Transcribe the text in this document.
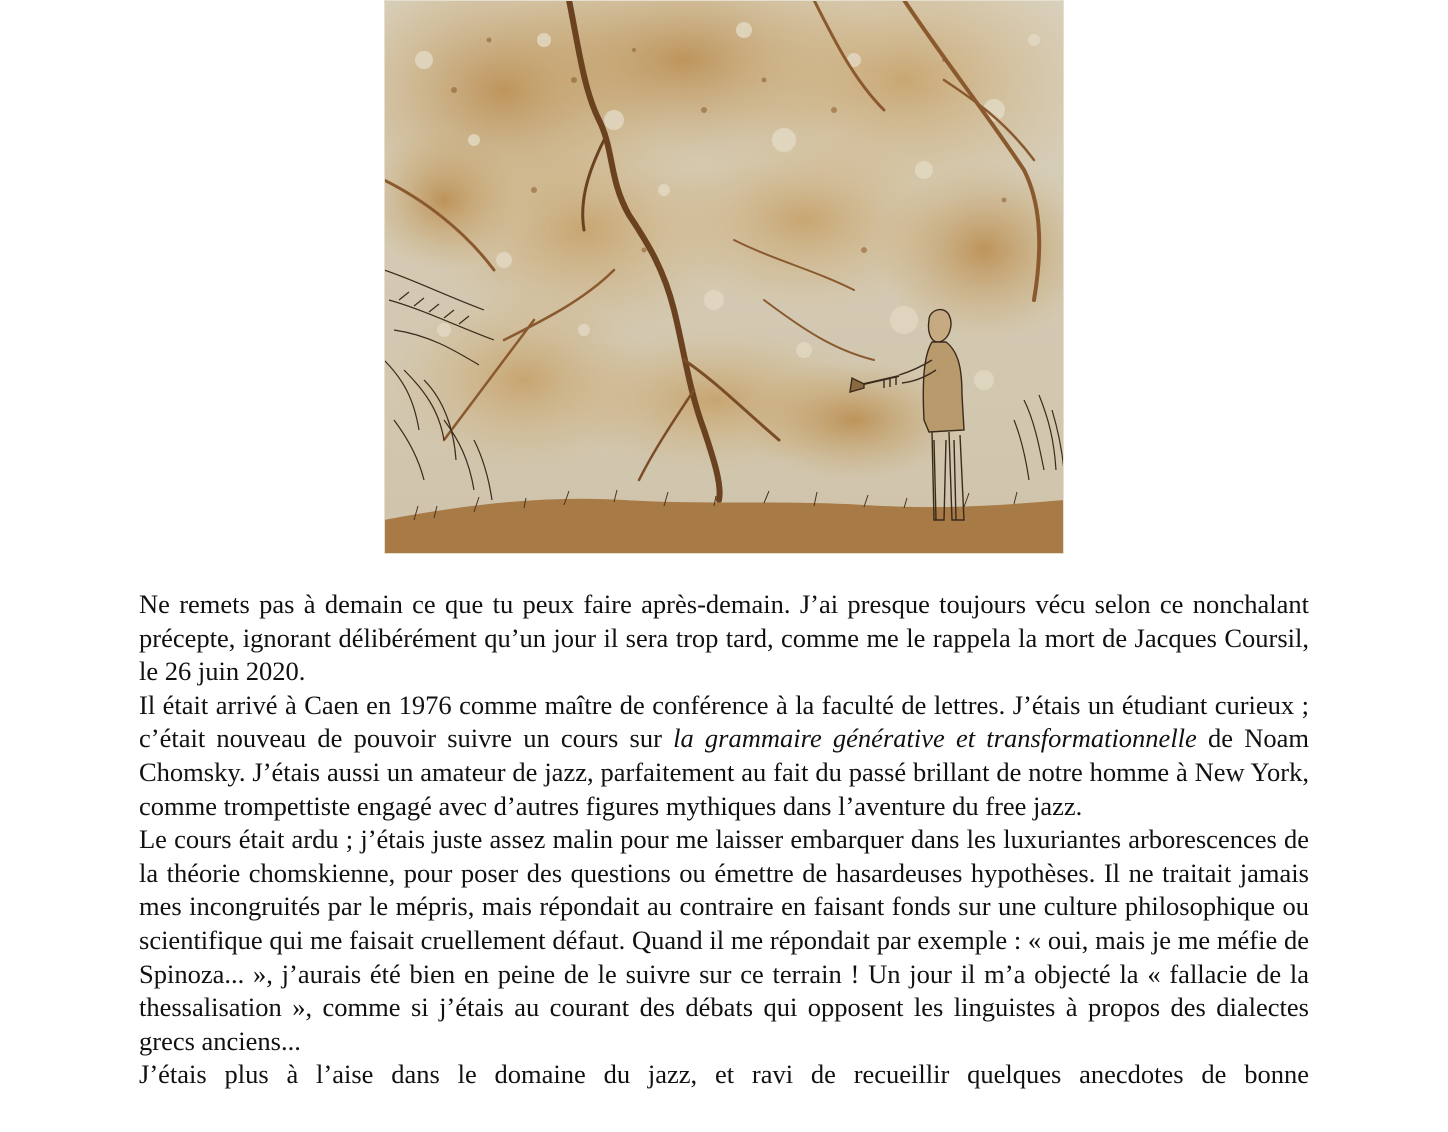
Ne remets pas à demain ce que tu peux faire après-demain. J’ai presque toujours vécu selon ce nonchalant précepte, ignorant délibérément qu’un jour il sera trop tard, comme me le rappela la mort de Jacques Coursil, le 26 juin 2020.

Il était arrivé à Caen en 1976 comme maître de conférence à la faculté de lettres. J’étais un étudiant curieux ; c’était nouveau de pouvoir suivre un cours sur la grammaire générative et transformationnelle de Noam Chomsky. J’étais aussi un amateur de jazz, parfaitement au fait du passé brillant de notre homme à New York, comme trompettiste engagé avec d’autres figures mythiques dans l’aventure du free jazz.

Le cours était ardu ; j’étais juste assez malin pour me laisser embarquer dans les luxuriantes arborescences de la théorie chomskienne, pour poser des questions ou émettre de hasardeuses hypothèses. Il ne traitait jamais mes incongruités par le mépris, mais répondait au contraire en faisant fonds sur une culture philosophique ou scientifique qui me faisait cruellement défaut. Quand il me répondait par exemple : « oui, mais je me méfie de Spinoza... », j’aurais été bien en peine de le suivre sur ce terrain ! Un jour il m’a objecté la « fallacie de la thessalisation », comme si j’étais au courant des débats qui opposent les linguistes à propos des dialectes grecs anciens...

J’étais plus à l’aise dans le domaine du jazz, et ravi de recueillir quelques anecdotes de bonne
